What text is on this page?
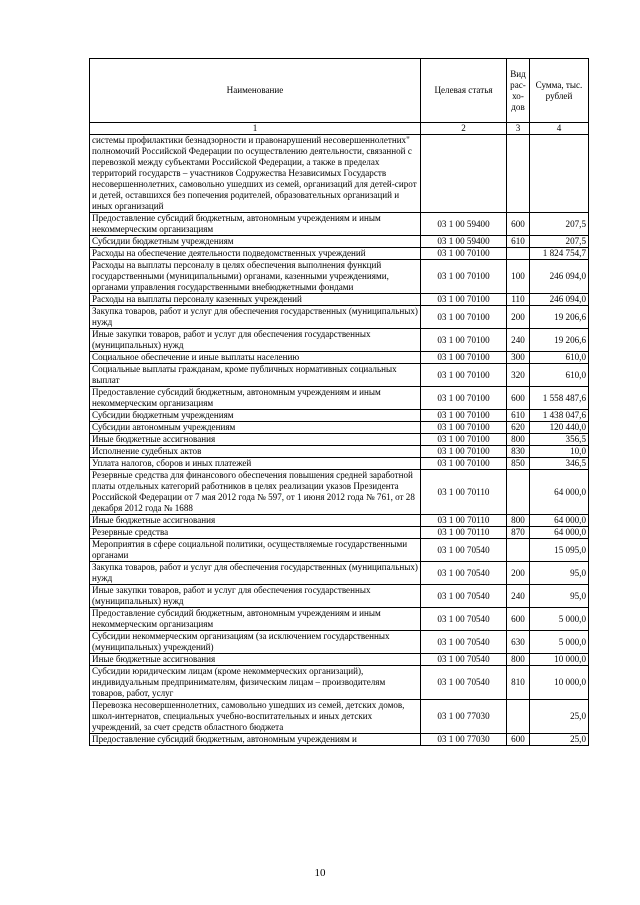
Наименование	Целевая статья	Вид рас- хо- дов	Сумма, тыс. рублей
1	2	3	4
системы профилактики безнадзорности и правонарушений несовершеннолетних" полномочий Российской Федерации по осуществлению деятельности, связанной с перевозкой между субъектами Российской Федерации, а также в пределах территорий государств – участников Содружества Независимых Государств несовершеннолетних, самовольно ушедших из семей, организаций для детей-сирот и детей, оставшихся без попечения родителей, образовательных организаций и иных организаций			
Предоставление субсидий бюджетным, автономным учреждениям и иным некоммерческим организациям	03 1 00 59400	600	207,5
Субсидии бюджетным учреждениям	03 1 00 59400	610	207,5
Расходы на обеспечение деятельности подведомственных учреждений	03 1 00 70100		1 824 754,7
Расходы на выплаты персоналу в целях обеспечения выполнения функций государственными (муниципальными) органами, казенными учреждениями, органами управления государственными внебюджетными фондами	03 1 00 70100	100	246 094,0
Расходы на выплаты персоналу казенных учреждений	03 1 00 70100	110	246 094,0
Закупка товаров, работ и услуг для обеспечения государственных (муниципальных) нужд	03 1 00 70100	200	19 206,6
Иные закупки товаров, работ и услуг для обеспечения государственных (муниципальных) нужд	03 1 00 70100	240	19 206,6
Социальное обеспечение и иные выплаты населению	03 1 00 70100	300	610,0
Социальные выплаты гражданам, кроме публичных нормативных социальных выплат	03 1 00 70100	320	610,0
Предоставление субсидий бюджетным, автономным учреждениям и иным некоммерческим организациям	03 1 00 70100	600	1 558 487,6
Субсидии бюджетным учреждениям	03 1 00 70100	610	1 438 047,6
Субсидии автономным учреждениям	03 1 00 70100	620	120 440,0
Иные бюджетные ассигнования	03 1 00 70100	800	356,5
Исполнение судебных актов	03 1 00 70100	830	10,0
Уплата налогов, сборов и иных платежей	03 1 00 70100	850	346,5
Резервные средства для финансового обеспечения повышения средней заработной платы отдельных категорий работников в целях реализации указов Президента Российской Федерации от 7 мая 2012 года № 597, от 1 июня 2012 года № 761, от 28 декабря 2012 года № 1688	03 1 00 70110		64 000,0
Иные бюджетные ассигнования	03 1 00 70110	800	64 000,0
Резервные средства	03 1 00 70110	870	64 000,0
Мероприятия в сфере социальной политики, осуществляемые государственными органами	03 1 00 70540		15 095,0
Закупка товаров, работ и услуг для обеспечения государственных (муниципальных) нужд	03 1 00 70540	200	95,0
Иные закупки товаров, работ и услуг для обеспечения государственных (муниципальных) нужд	03 1 00 70540	240	95,0
Предоставление субсидий бюджетным, автономным учреждениям и иным некоммерческим организациям	03 1 00 70540	600	5 000,0
Субсидии некоммерческим организациям (за исключением государственных (муниципальных) учреждений)	03 1 00 70540	630	5 000,0
Иные бюджетные ассигнования	03 1 00 70540	800	10 000,0
Субсидии юридическим лицам (кроме некоммерческих организаций), индивидуальным предпринимателям, физическим лицам – производителям товаров, работ, услуг	03 1 00 70540	810	10 000,0
Перевозка несовершеннолетних, самовольно ушедших из семей, детских домов, школ-интернатов, специальных учебно-воспитательных и иных детских учреждений, за счет средств областного бюджета	03 1 00 77030		25,0
Предоставление субсидий бюджетным, автономным учреждениям и	03 1 00 77030	600	25,0
10
